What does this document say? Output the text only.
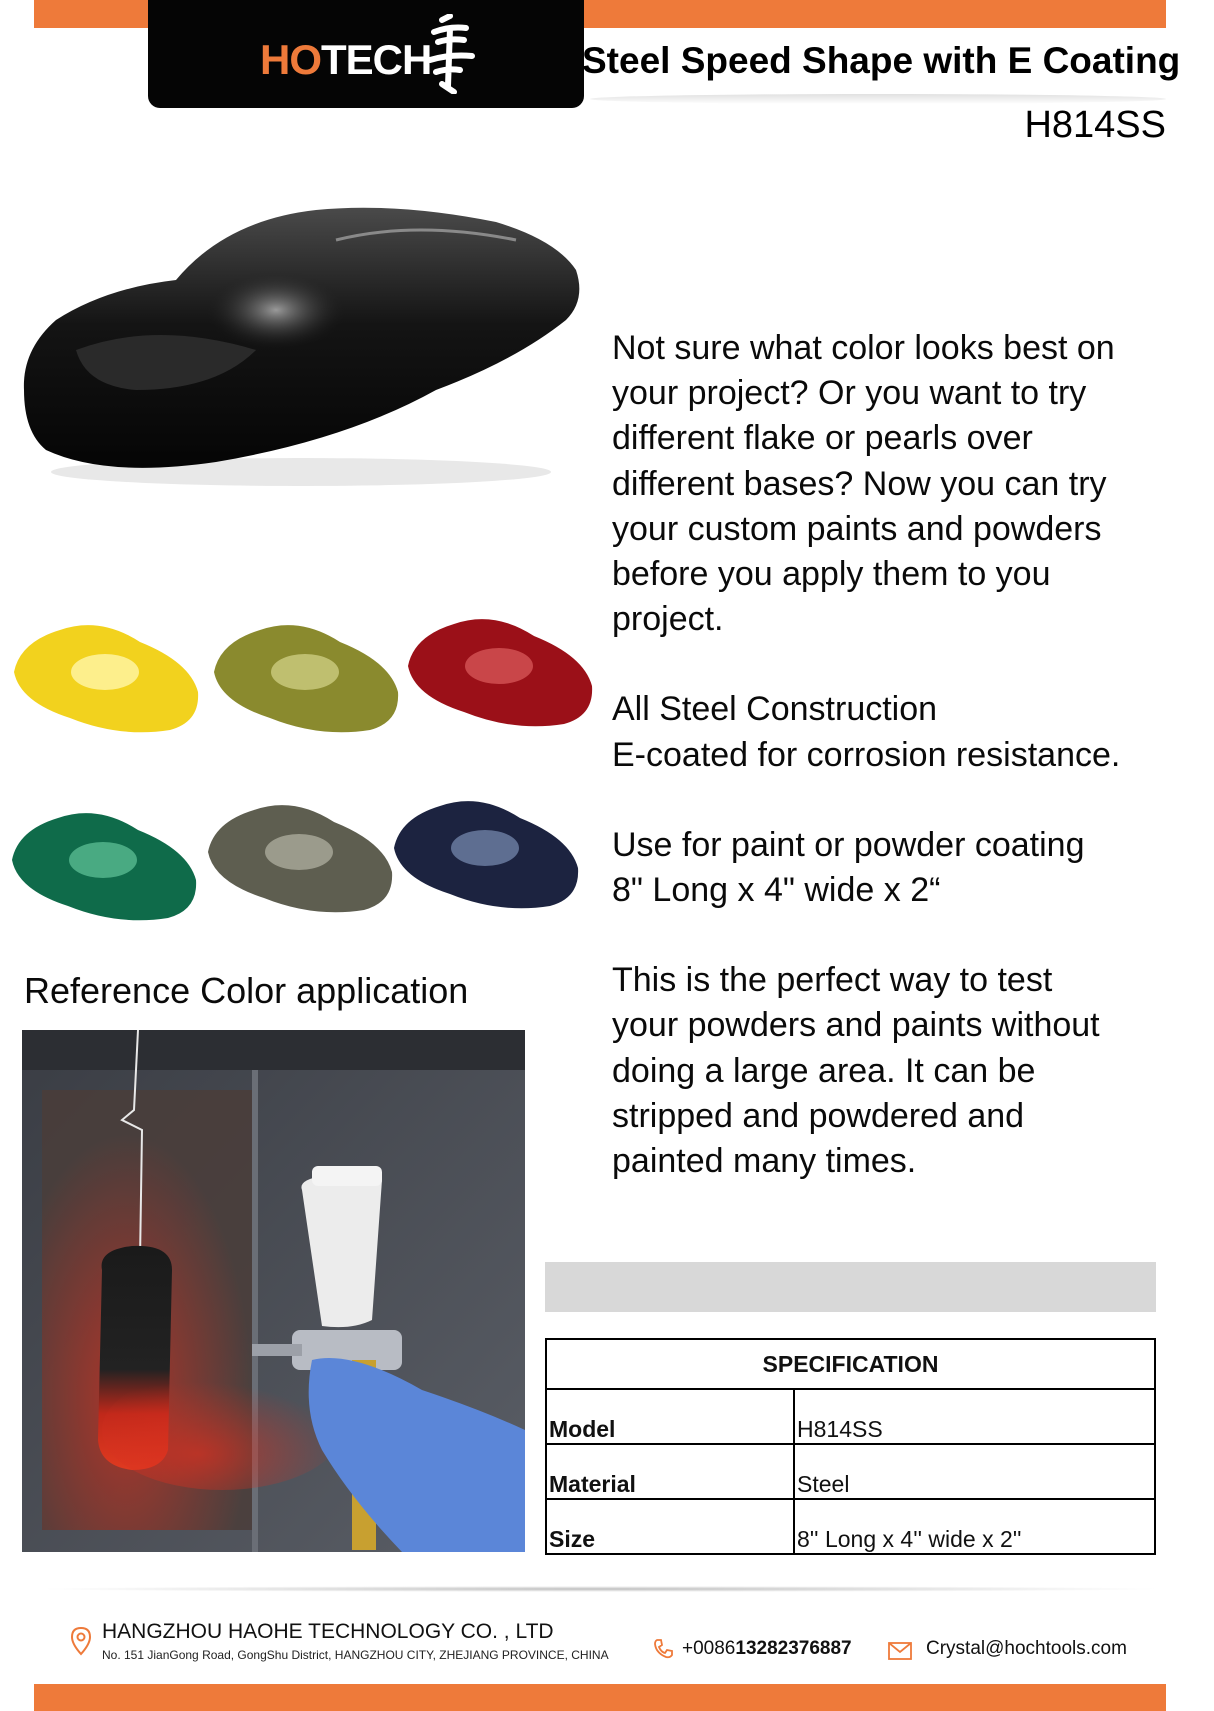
HOTECH	Steel Speed Shape with E Coating
H814SS

Not sure what color looks best on
your project? Or you want to try
different flake or pearls over
different bases? Now you can try
your custom paints and powders
before you apply them to you
project.

All Steel Construction
E-coated for corrosion resistance.

Use for paint or powder coating
8" Long x 4" wide x 2“

This is the perfect way to test
your powders and paints without
doing a large area. It can be
stripped and powdered and
painted many times.

Reference Color application
SPECIFICATION	
Model	H814SS
Material	Steel
Size	8'' Long x 4'' wide x 2''
HANGZHOU HAOHE TECHNOLOGY CO. , LTD
No. 151 JianGong Road, GongShu District, HANGZHOU CITY, ZHEJIANG PROVINCE, CHINA	+008613282376887	Crystal@hochtools.com
